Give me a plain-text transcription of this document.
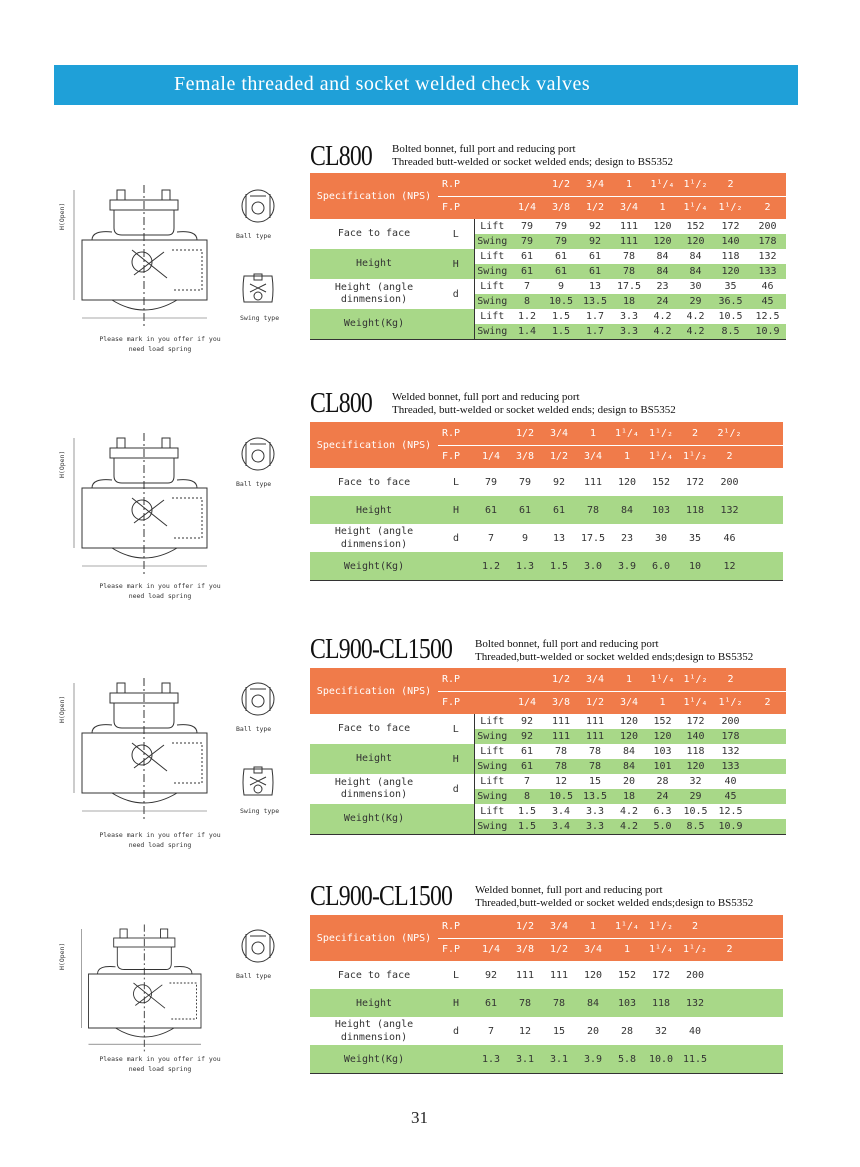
Female threaded and socket welded check valves
CL800 Bolted bonnet, full port and reducing port
Threaded butt-welded or socket welded ends; design to BS5352
H(Open)
Ball type
Swing type
Please mark in you offer if you need load spring
Specification (NPS)	R.P			1/2	3/4	1	1¹/₄	1¹/₂	2	
	F.P		1/4	3/8	1/2	3/4	1	1¹/₄	1¹/₂	2
Face to face	L	Lift	79	79	92	111	120	152	172	200
		Swing	79	79	92	111	120	120	140	178
Height	H	Lift	61	61	61	78	84	84	118	132
		Swing	61	61	61	78	84	84	120	133
Height (angle dinmension)	d	Lift	7	9	13	17.5	23	30	35	46
		Swing	8	10.5	13.5	18	24	29	36.5	45
Weight(Kg)		Lift	1.2	1.5	1.7	3.3	4.2	4.2	10.5	12.5
		Swing	1.4	1.5	1.7	3.3	4.2	4.2	8.5	10.9
CL800 Welded bonnet, full port and reducing port
Threaded, butt-welded or socket welded ends; design to BS5352
H(Open)
Ball type
Please mark in you offer if you need load spring
Specification (NPS)	R.P		1/2	3/4	1	1¹/₄	1¹/₂	2	2¹/₂	
	F.P	1/4	3/8	1/2	3/4	1	1¹/₄	1¹/₂	2	
Face to face	L	79	79	92	111	120	152	172	200	
Height	H	61	61	61	78	84	103	118	132	
Height (angle dinmension)	d	7	9	13	17.5	23	30	35	46	
Weight(Kg)		1.2	1.3	1.5	3.0	3.9	6.0	10	12	
CL900-CL1500 Bolted bonnet, full port and reducing port
Threaded,butt-welded or socket welded ends;design to BS5352
H(Open)
Ball type
Swing type
Please mark in you offer if you need load spring
Specification (NPS)	R.P			1/2	3/4	1	1¹/₄	1¹/₂	2	
	F.P		1/4	3/8	1/2	3/4	1	1¹/₄	1¹/₂	2
Face to face	L	Lift	92	111	111	120	152	172	200	
		Swing	92	111	111	120	120	140	178	
Height	H	Lift	61	78	78	84	103	118	132	
		Swing	61	78	78	84	101	120	133	
Height (angle dinmension)	d	Lift	7	12	15	20	28	32	40	
		Swing	8	10.5	13.5	18	24	29	45	
Weight(Kg)		Lift	1.5	3.4	3.3	4.2	6.3	10.5	12.5	
		Swing	1.5	3.4	3.3	4.2	5.0	8.5	10.9	
CL900-CL1500 Welded bonnet, full port and reducing port
Threaded,butt-welded or socket welded ends;design to BS5352
H(Open)
Ball type
Please mark in you offer if you need load spring
Specification (NPS)	R.P		1/2	3/4	1	1¹/₄	1¹/₂	2		
	F.P	1/4	3/8	1/2	3/4	1	1¹/₄	1¹/₂	2	
Face to face	L	92	111	111	120	152	172	200		
Height	H	61	78	78	84	103	118	132		
Height (angle dinmension)	d	7	12	15	20	28	32	40		
Weight(Kg)		1.3	3.1	3.1	3.9	5.8	10.0	11.5		
31
